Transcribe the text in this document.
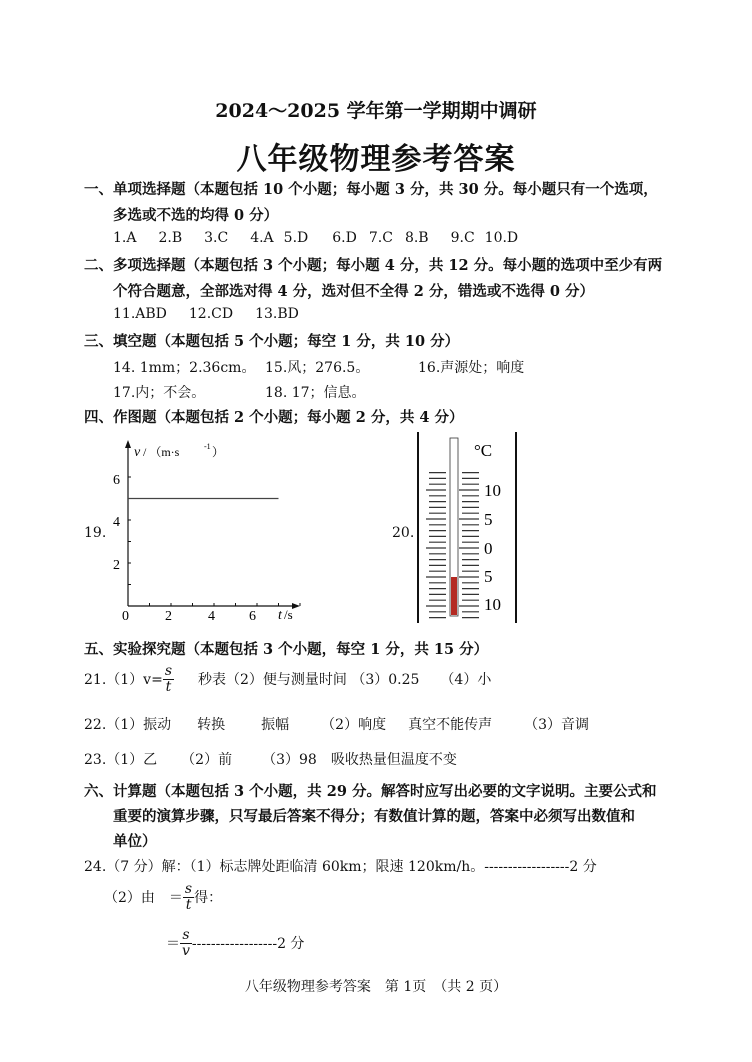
2024～2025 学年第一学期期中调研
八年级物理参考答案
一、单项选择题（本题包括 10 个小题；每小题 3 分，共 30 分。每小题只有一个选项，
多选或不选的均得 0 分）
1.A 2.B 3.C 4.A 5.D 6.D 7.C 8.B 9.C 10.D
二、多项选择题（本题包括 3 个小题；每小题 4 分，共 12 分。每小题的选项中至少有两
个符合题意，全部选对得 4 分，选对但不全得 2 分，错选或不选得 0 分）
11.ABD 12.CD 13.BD
三、填空题（本题包括 5 个小题；每空 1 分，共 10 分）
14. 1mm；2.36cm。 15.风；276.5。	16.声源处；响度
17.内；不会。	18. 17；信息。
四、作图题（本题包括 2 个小题；每小题 2 分，共 4 分）
19.	20.
v / （m·s	-1 ）
t /s
0	2	4 6
2
4
6
°C
10
5
0
5
10
五、实验探究题（本题包括 3 个小题，每空 1 分，共 15 分）
$21.(1)v= \frac{s}{t}$ 秒表（2）便与测量时间 （3）0.25　　（4）小
22.（1）振动 转换	振幅 （2）响度 真空不能传声 （3）音调
23.（1）乙 （2）前 （3）98　吸收热量但温度不变
六、计算题（本题包括 3 个小题，共 29 分。解答时应写出必要的文字说明。主要公式和
重要的演算步骤，只写最后答案不得分；有数值计算的题，答案中必须写出数值和
单位）
24.（7 分）解：（1）标志牌处距临清 60km；限速 120km/h。------------------2 分
（2）由　＝ $\frac{s}{t}$ 得：
＝ $\frac{s}{v} ------------------2$ 分
八年级物理参考答案　第 1页　（共 2 页）
